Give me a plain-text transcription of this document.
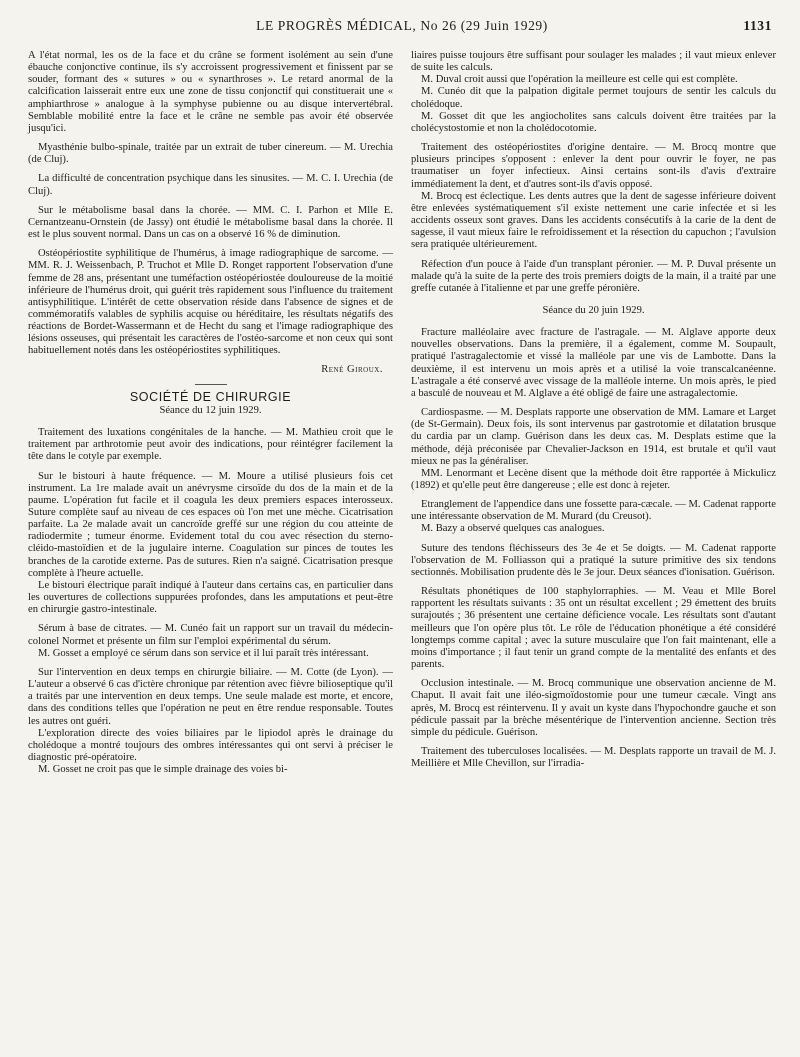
LE PROGRÈS MÉDICAL, No 26 (29 Juin 1929)	1131

A l'état normal, les os de la face et du crâne se forment isolément au sein d'une ébauche conjonctive continue, ils s'y accroissent progressivement et finissent par se souder, formant des « sutures » ou « synarthroses ». Le retard anormal de la calcification laisserait entre eux une zone de tissu conjonctif qui constituerait une « amphiarthrose » analogue à la symphyse pubienne ou au disque intervertébral. Semblable mobilité entre la face et le crâne ne semble pas avoir été observée jusqu'ici.

Myasthénie bulbo-spinale, traitée par un extrait de tuber cinereum. — M. Urechia (de Cluj).

La difficulté de concentration psychique dans les sinusites. — M. C. I. Urechia (de Cluj).

Sur le métabolisme basal dans la chorée. — MM. C. I. Parhon et Mlle E. Cernantzeanu-Ornstein (de Jassy) ont étudié le métabolisme basal dans la chorée. Il est le plus souvent normal. Dans un cas on a observé 16 % de diminution.

Ostéopériostite syphilitique de l'humérus, à image radiographique de sarcome. — MM. R. J. Weissenbach, P. Truchot et Mlle D. Ronget rapportent l'observation d'une femme de 28 ans, présentant une tuméfaction ostéopériostée douloureuse de la moitié inférieure de l'humérus droit, qui guérit très rapidement sous l'influence du traitement antisyphilitique. L'intérêt de cette observation réside dans l'absence de signes et de commémoratifs valables de syphilis acquise ou héréditaire, les résultats négatifs des réactions de Bordet-Wassermann et de Hecht du sang et l'image radiographique des lésions osseuses, qui présentait les caractères de l'ostéo-sarcome et non ceux qui sont habituellement notés dans les ostéopériostites syphilitiques.

René Giroux.
SOCIÉTÉ DE CHIRURGIE
Séance du 12 juin 1929.

Traitement des luxations congénitales de la hanche. — M. Mathieu croit que le traitement par arthrotomie peut avoir des indications, pour réintégrer facilement la tête dans le cotyle par exemple.

Sur le bistouri à haute fréquence. — M. Moure a utilisé plusieurs fois cet instrument. La 1re malade avait un anévrysme cirsoïde du dos de la main et de la paume. L'opération fut facile et il coagula les deux premiers espaces interosseux. Suture complète sauf au niveau de ces espaces où l'on met une mèche. Cicatrisation parfaite. La 2e malade avait un cancroïde greffé sur une région du cou atteinte de radiodermite ; tumeur énorme. Evidement total du cou avec résection du sterno-cléido-mastoïdien et de la jugulaire interne. Coagulation sur pinces de toutes les branches de la carotide externe. Pas de sutures. Rien n'a saigné. Cicatrisation presque complète à l'heure actuelle.

Le bistouri électrique paraît indiqué à l'auteur dans certains cas, en particulier dans les ouvertures de collections suppurées profondes, dans les amputations et peut-être en chirurgie gastro-intestinale.

Sérum à base de citrates. — M. Cunéo fait un rapport sur un travail du médecin-colonel Normet et présente un film sur l'emploi expérimental du sérum.

M. Gosset a employé ce sérum dans son service et il lui paraît très intéressant.

Sur l'intervention en deux temps en chirurgie biliaire. — M. Cotte (de Lyon). — L'auteur a observé 6 cas d'ictère chronique par rétention avec fièvre bilioseptique qu'il a traités par une intervention en deux temps. Une seule malade est morte, et encore, dans des conditions telles que l'opération ne peut en être rendue responsable. Toutes les autres ont guéri.

L'exploration directe des voies biliaires par le lipiodol après le drainage du cholédoque a montré toujours des ombres intéressantes qui ont servi à préciser le diagnostic pré-opératoire.

M. Gosset ne croit pas que le simple drainage des voies bi-

liaires puisse toujours être suffisant pour soulager les malades ; il vaut mieux enlever de suite les calculs.

M. Duval croit aussi que l'opération la meilleure est celle qui est complète.

M. Cunéo dit que la palpation digitale permet toujours de sentir les calculs du cholédoque.

M. Gosset dit que les angiocholites sans calculs doivent être traitées par la cholécystostomie et non la cholédocotomie.

Traitement des ostéopériostites d'origine dentaire. — M. Brocq montre que plusieurs principes s'opposent : enlever la dent pour ouvrir le foyer, ne pas traumatiser un foyer infectieux. Ainsi certains sont-ils d'avis d'extraire immédiatement la dent, et d'autres sont-ils d'avis opposé.

M. Brocq est éclectique. Les dents autres que la dent de sagesse inférieure doivent être enlevées systématiquement s'il existe nettement une carie infectée et si les accidents osseux sont graves. Dans les accidents consécutifs à la carie de la dent de sagesse, il vaut mieux faire le refroidissement et la résection du capuchon ; l'avulsion sera pratiquée ultérieurement.

Réfection d'un pouce à l'aide d'un transplant péronier. — M. P. Duval présente un malade qu'à la suite de la perte des trois premiers doigts de la main, il a traité par une greffe cutanée à l'italienne et par une greffe péronière.

Séance du 20 juin 1929.

Fracture malléolaire avec fracture de l'astragale. — M. Alglave apporte deux nouvelles observations. Dans la première, il a également, comme M. Soupault, pratiqué l'astragalectomie et vissé la malléole par une vis de Lambotte. Dans la deuxième, il est intervenu un mois après et a utilisé la voie transcalcanéenne. L'astragale a été conservé avec vissage de la malléole interne. Un mois après, le pied a basculé de nouveau et M. Alglave a été obligé de faire une astragalectomie.

Cardiospasme. — M. Desplats rapporte une observation de MM. Lamare et Larget (de St-Germain). Deux fois, ils sont intervenus par gastrotomie et dilatation brusque du cardia par un clamp. Guérison dans les deux cas. M. Desplats estime que la méthode, déjà préconisée par Chevalier-Jackson en 1914, est brutale et qu'il vaut mieux ne pas la généraliser.

MM. Lenormant et Lecène disent que la méthode doit être rapportée à Mickulicz (1892) et qu'elle peut être dangereuse ; elle est donc à rejeter.

Etranglement de l'appendice dans une fossette para-cæcale. — M. Cadenat rapporte une intéressante observation de M. Murard (du Creusot).

M. Bazy a observé quelques cas analogues.

Suture des tendons fléchisseurs des 3e 4e et 5e doigts. — M. Cadenat rapporte l'observation de M. Folliasson qui a pratiqué la suture primitive des six tendons sectionnés. Mobilisation prudente dès le 3e jour. Deux séances d'ionisation. Guérison.

Résultats phonétiques de 100 staphylorraphies. — M. Veau et Mlle Borel rapportent les résultats suivants : 35 ont un résultat excellent ; 29 émettent des bruits surajoutés ; 36 présentent une certaine déficience vocale. Les résultats sont d'autant meilleurs que l'on opère plus tôt. Le rôle de l'éducation phonétique a été considéré longtemps comme capital ; avec la suture musculaire que l'on fait maintenant, elle a moins d'importance ; il faut tenir un grand compte de la mentalité des enfants et des parents.

Occlusion intestinale. — M. Brocq communique une observation ancienne de M. Chaput. Il avait fait une iléo-sigmoïdostomie pour une tumeur cæcale. Vingt ans après, M. Brocq est réintervenu. Il y avait un kyste dans l'hypochondre gauche et son pédicule passait par la brèche mésentérique de l'intervention ancienne. Section très simple du pédicule. Guérison.

Traitement des tuberculoses localisées. — M. Desplats rapporte un travail de M. J. Meillière et Mlle Chevillon, sur l'irradia-
